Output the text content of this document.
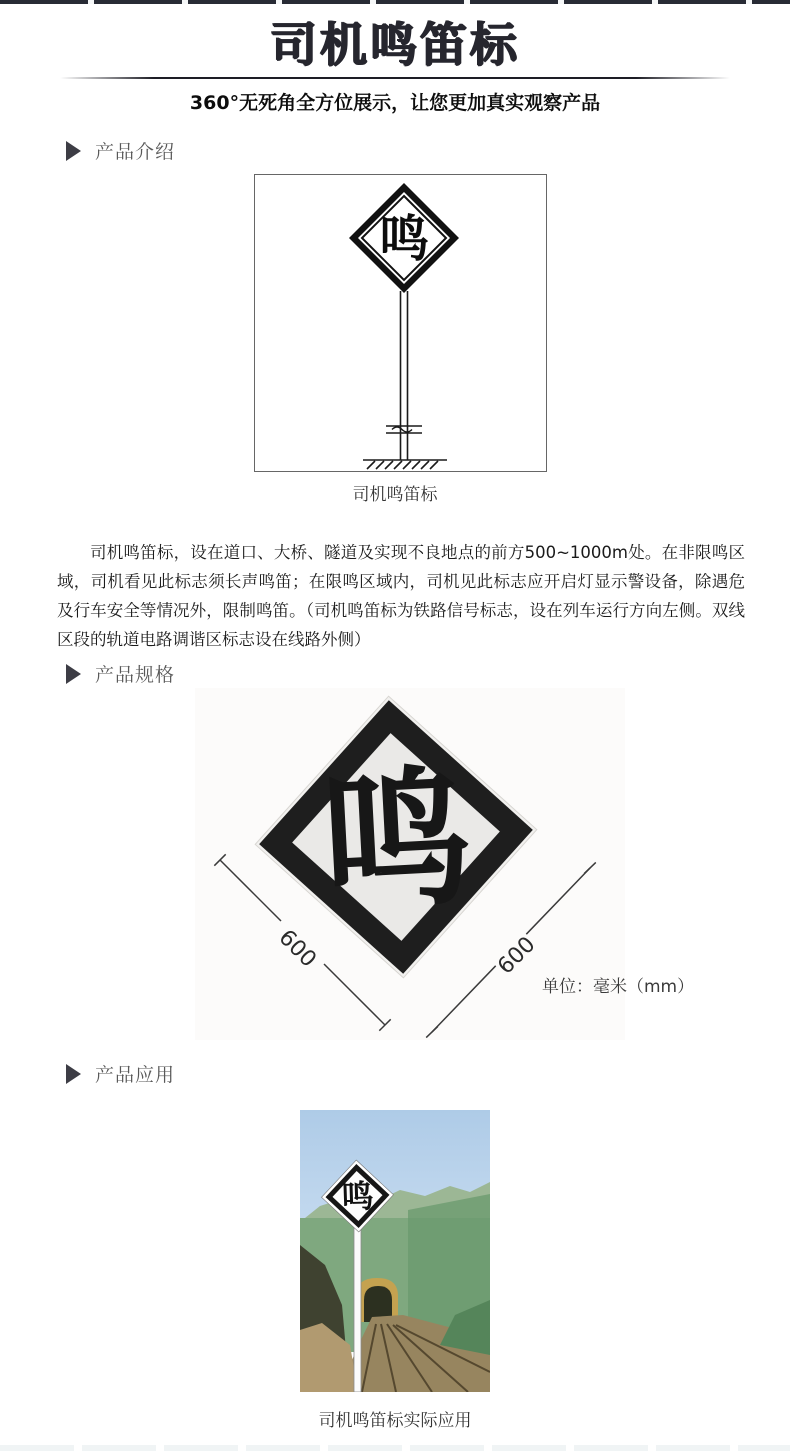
司机鸣笛标
360°无死角全方位展示，让您更加真实观察产品
产品介绍
鸣
司机鸣笛标

司机鸣笛标，设在道口、大桥、隧道及实现不良地点的前方500~1000m处。在非限鸣区域，司机看见此标志须长声鸣笛；在限鸣区域内，司机见此标志应开启灯显示警设备，除遇危及行车安全等情况外，限制鸣笛。（司机鸣笛标为铁路信号标志，设在列车运行方向左侧。双线区段的轨道电路调谐区标志设在线路外侧）

产品规格
鸣
600	600
单位：毫米（mm）
产品应用
鸣
司机鸣笛标实际应用
